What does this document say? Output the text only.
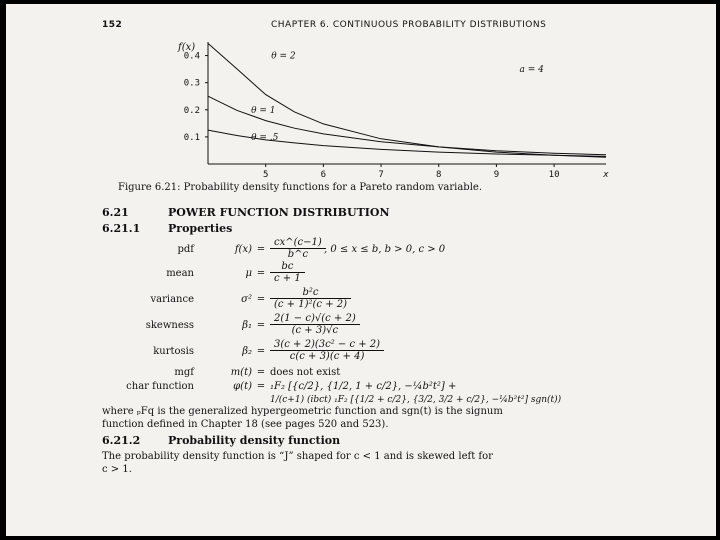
152	CHAPTER 6. CONTINUOUS PROBABILITY DISTRIBUTIONS
0.4
0.3
0.2
0.1
5	6	7	8	9	10	x
f(x)
θ = 2
θ = 1
θ = .5
a = 4
Figure 6.21: Probability density functions for a Pareto random variable.
6.21	POWER FUNCTION DISTRIBUTION
6.21.1	Properties
pdf	$f(x) = \frac{cx\^{}(c-1)}{b\^{}c}$
, 0 ≤ x ≤ b, b > 0, c > 0
mean	$\mu = \frac{bc}{c + 1}$
variance	$\sigma^2 = \frac{\text{b²c}}{\text{(c + 1)²(c + 2)}}$
skewness	$\beta_1 = \frac{2(1 - c)√(c + 2)}{(c + 3)√c}$
kurtosis	$\beta_2 = \frac{\text{3(c + 2)(3c² − c + 2)}}{c(c + 3)(c + 4)}$
mgf	m(t) = does not exist
char function	φ(t) = ₁F₂ [{c/2}, {1/2, 1 + c/2}, −¼b²t²] +
1/(c+1) (ibct) ₁F₂ [{1/2 + c/2}, {3/2, 3/2 + c/2}, −¼b²t²] sgn(t))
where ₚFq is the generalized hypergeometric function and sgn(t) is the signum
function defined in Chapter 18 (see pages 520 and 523).
6.21.2	Probability density function
The probability density function is “J” shaped for c < 1 and is skewed left for
c > 1.
